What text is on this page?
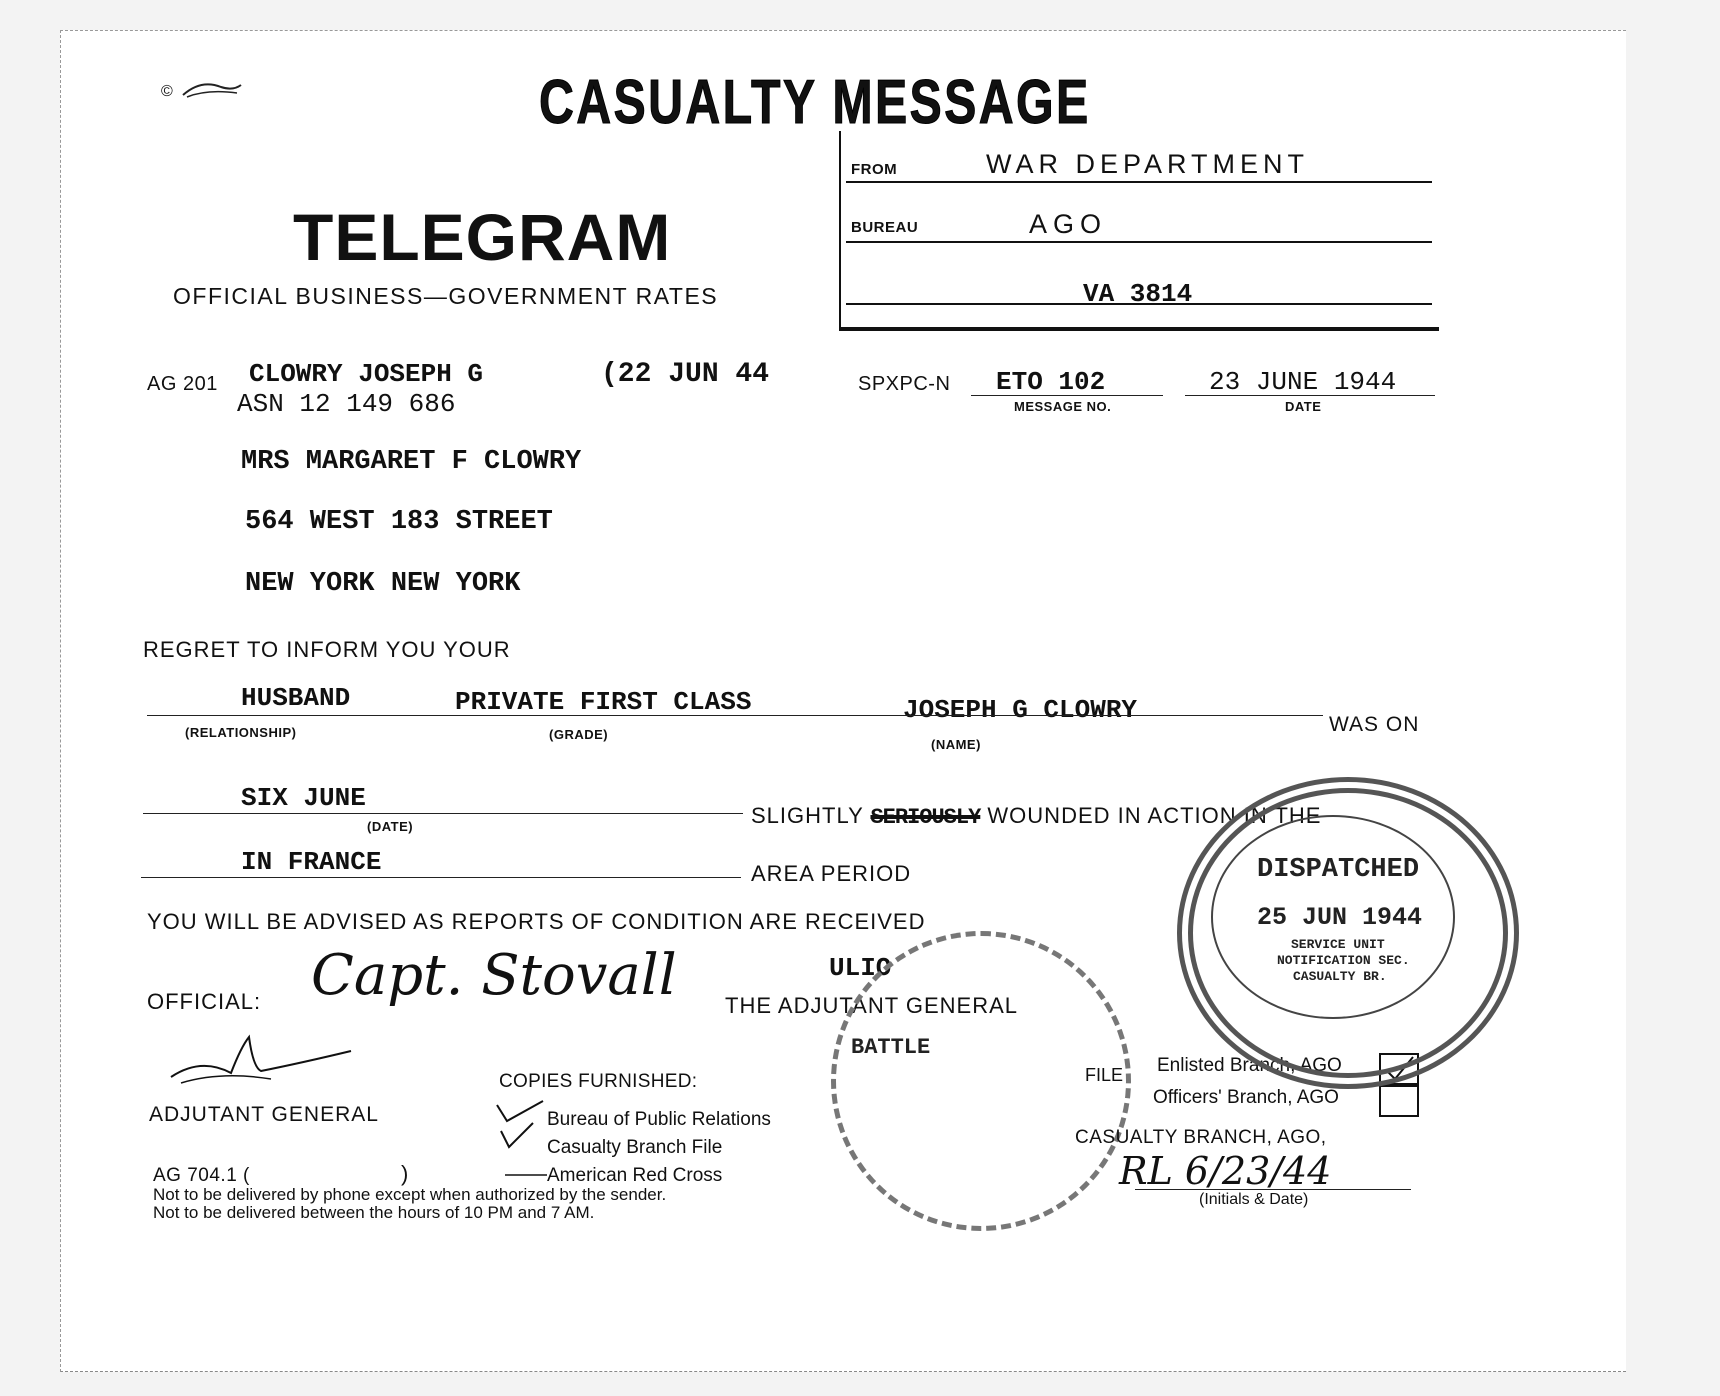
©	CASUALTY MESSAGE
TELEGRAM
OFFICIAL BUSINESS—GOVERNMENT RATES
FROM	WAR DEPARTMENT
BUREAU	AGO
VA 3814
AG 201 CLOWRY JOSEPH G	(22 JUN 44
ASN 12 149 686
SPXPC-N ETO 102
MESSAGE NO.
23 JUNE 1944
DATE
MRS MARGARET F CLOWRY
564 WEST 183 STREET
NEW YORK NEW YORK
REGRET TO INFORM YOU YOUR
HUSBAND	PRIVATE FIRST CLASS	JOSEPH G CLOWRY	WAS ON
(RELATIONSHIP)	(GRADE)
(NAME)
SIX JUNE
(DATE)	SLIGHTLY SERIOUSLY WOUNDED IN ACTION IN THE
IN FRANCE	AREA PERIOD
YOU WILL BE ADVISED AS REPORTS OF CONDITION ARE RECEIVED
ULIO
THE ADJUTANT GENERAL
OFFICIAL: Capt. Stovall
ADJUTANT GENERAL
COPIES FURNISHED:
Bureau of Public Relations
Casualty Branch File
American Red Cross
AG 704.1 (	)
Not to be delivered by phone except when authorized by the sender.
Not to be delivered between the hours of 10 PM and 7 AM.
BATTLE
FILE Enlisted Branch, AGO
Officers' Branch, AGO
CASUALTY BRANCH, AGO,
RL 6/23/44
(Initials & Date)
DISPATCHED
25 JUN 1944
SERVICE UNIT
NOTIFICATION SEC.
CASUALTY BR.
